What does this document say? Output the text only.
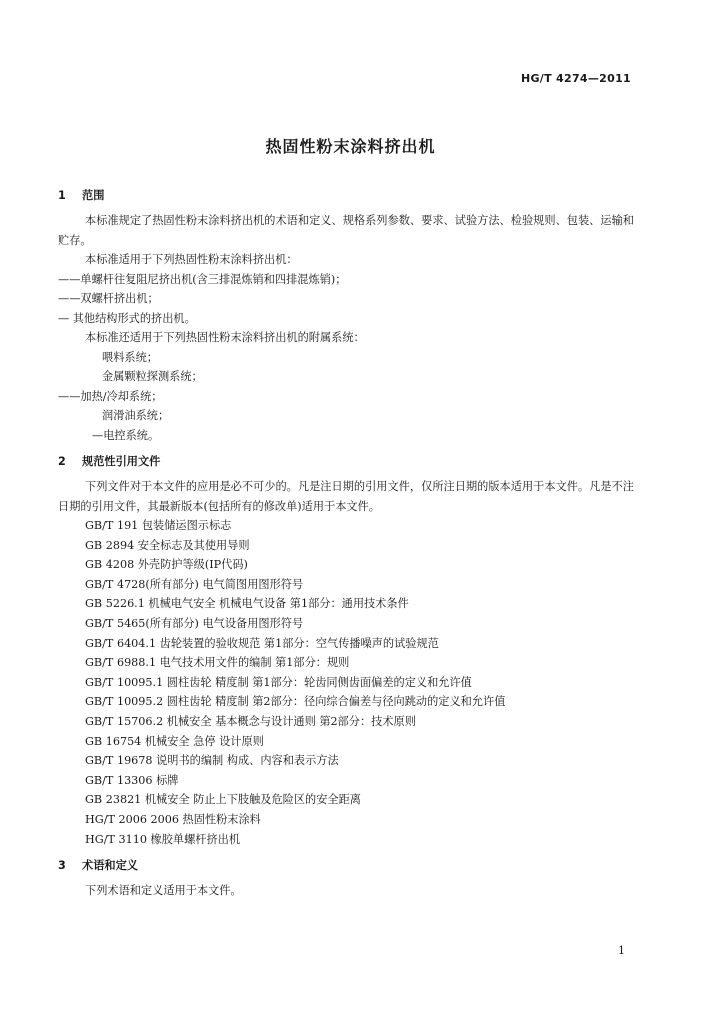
HG/T 4274—2011
热固性粉末涂料挤出机
1 范围
本标准规定了热固性粉末涂料挤出机的术语和定义、规格系列参数、要求、试验方法、检验规则、包装、运输和贮存。
本标准适用于下列热固性粉末涂料挤出机：
——单螺杆往复阻尼挤出机(含三排混炼销和四排混炼销)；
——双螺杆挤出机；
— 其他结构形式的挤出机。
本标准还适用于下列热固性粉末涂料挤出机的附属系统：
喂料系统；
金属颗粒探测系统；
——加热/冷却系统；
润滑油系统；
—电控系统。
2 规范性引用文件
下列文件对于本文件的应用是必不可少的。凡是注日期的引用文件，仅所注日期的版本适用于本文件。凡是不注日期的引用文件，其最新版本(包括所有的修改单)适用于本文件。
GB/T 191 包装储运图示标志
GB 2894 安全标志及其使用导则
GB 4208 外壳防护等级(IP代码)
GB/T 4728(所有部分) 电气简图用图形符号
GB 5226.1 机械电气安全 机械电气设备 第1部分：通用技术条件
GB/T 5465(所有部分) 电气设备用图形符号
GB/T 6404.1 齿轮装置的验收规范 第1部分：空气传播噪声的试验规范
GB/T 6988.1 电气技术用文件的编制 第1部分：规则
GB/T 10095.1 圆柱齿轮 精度制 第1部分：轮齿同侧齿面偏差的定义和允许值
GB/T 10095.2 圆柱齿轮 精度制 第2部分：径向综合偏差与径向跳动的定义和允许值
GB/T 15706.2 机械安全 基本概念与设计通则 第2部分：技术原则
GB 16754 机械安全 急停 设计原则
GB/T 19678 说明书的编制 构成、内容和表示方法
GB/T 13306 标牌
GB 23821 机械安全 防止上下肢触及危险区的安全距离
HG/T 2006 2006 热固性粉末涂料
HG/T 3110 橡胶单螺杆挤出机
3 术语和定义
下列术语和定义适用于本文件。
1
